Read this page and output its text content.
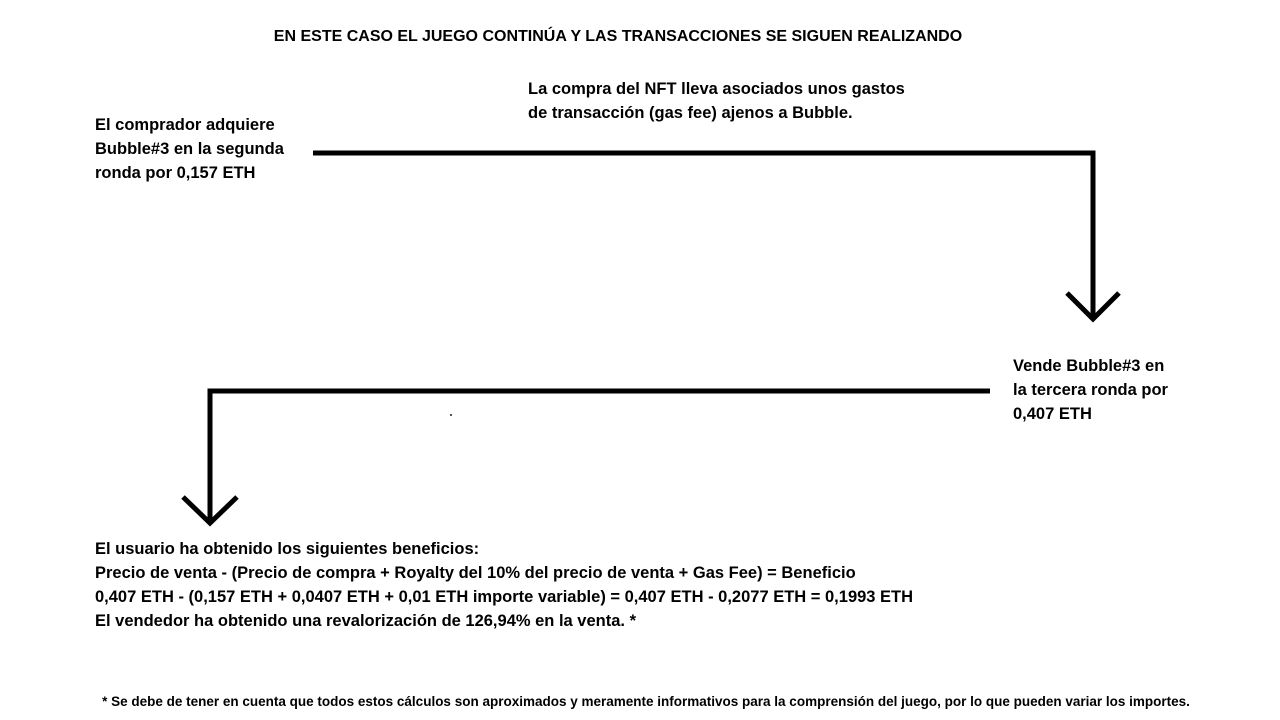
EN ESTE CASO EL JUEGO CONTINÚA Y LAS TRANSACCIONES SE SIGUEN REALIZANDO
El comprador adquiere
Bubble#3 en la segunda
ronda por 0,157 ETH
La compra del NFT lleva asociados unos gastos
de transacción (gas fee) ajenos a Bubble.
Vende Bubble#3 en
la tercera ronda por
0,407 ETH
El usuario ha obtenido los siguientes beneficios:
Precio de venta - (Precio de compra + Royalty del 10% del precio de venta + Gas Fee) = Beneficio
0,407 ETH - (0,157 ETH + 0,0407 ETH + 0,01 ETH importe variable) = 0,407 ETH - 0,2077 ETH = 0,1993 ETH
El vendedor ha obtenido una revalorización de 126,94% en la venta. *
* Se debe de tener en cuenta que todos estos cálculos son aproximados y meramente informativos para la comprensión del juego, por lo que pueden variar los importes.
